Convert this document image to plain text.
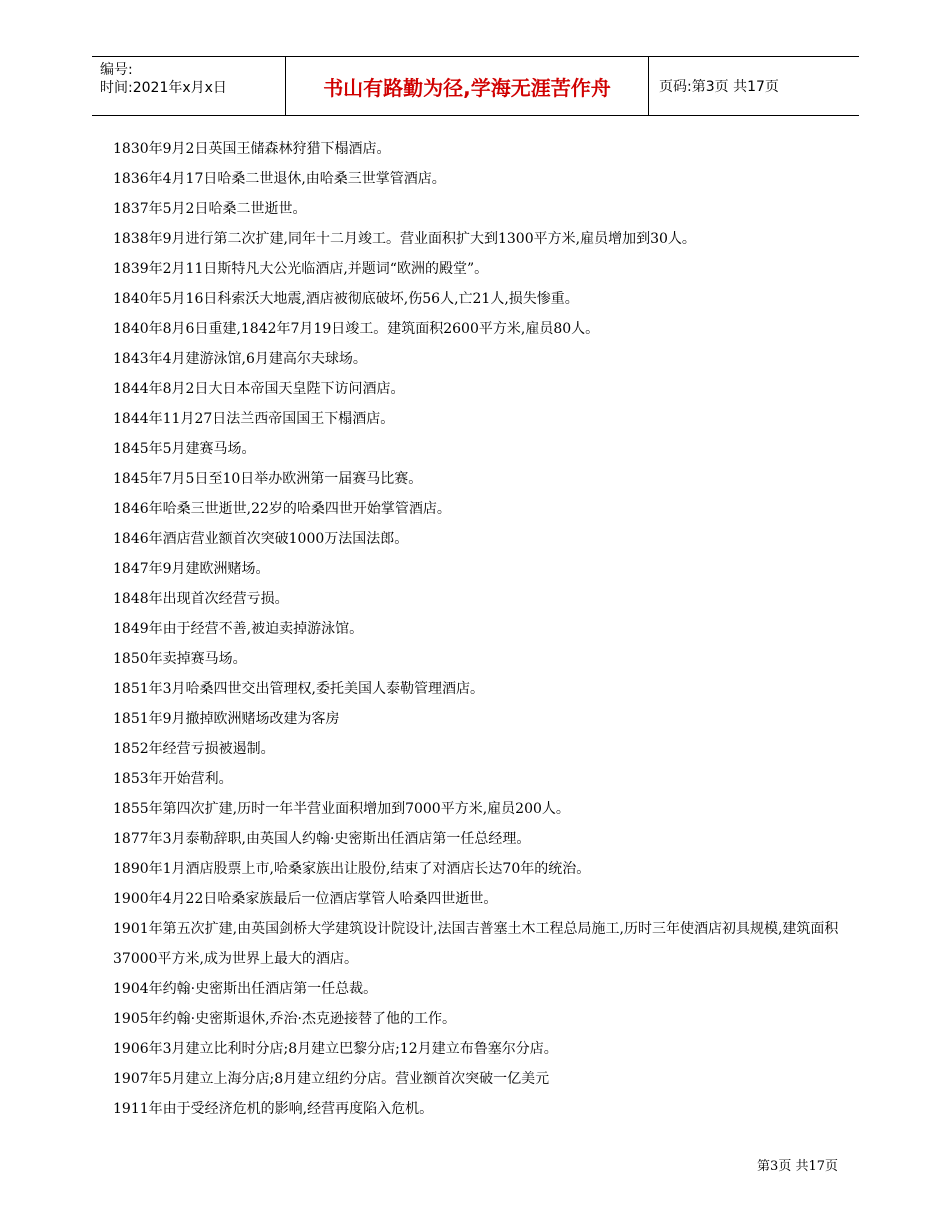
编号:
时间:2021年x月x日	书山有路勤为径,学海无涯苦作舟	页码:第3页 共17页
1830年9月2日英国王储森林狩猎下榻酒店。
1836年4月17日哈桑二世退休,由哈桑三世掌管酒店。
1837年5月2日哈桑二世逝世。
1838年9月进行第二次扩建,同年十二月竣工。营业面积扩大到1300平方米,雇员增加到30人。
1839年2月11日斯特凡大公光临酒店,并题词“欧洲的殿堂”。
1840年5月16日科索沃大地震,酒店被彻底破坏,伤56人,亡21人,损失惨重。
1840年8月6日重建,1842年7月19日竣工。建筑面积2600平方米,雇员80人。
1843年4月建游泳馆,6月建高尔夫球场。
1844年8月2日大日本帝国天皇陛下访问酒店。
1844年11月27日法兰西帝国国王下榻酒店。
1845年5月建赛马场。
1845年7月5日至10日举办欧洲第一届赛马比赛。
1846年哈桑三世逝世,22岁的哈桑四世开始掌管酒店。
1846年酒店营业额首次突破1000万法国法郎。
1847年9月建欧洲赌场。
1848年出现首次经营亏损。
1849年由于经营不善,被迫卖掉游泳馆。
1850年卖掉赛马场。
1851年3月哈桑四世交出管理权,委托美国人泰勒管理酒店。
1851年9月撤掉欧洲赌场改建为客房
1852年经营亏损被遏制。
1853年开始营利。
1855年第四次扩建,历时一年半营业面积增加到7000平方米,雇员200人。
1877年3月泰勒辞职,由英国人约翰·史密斯出任酒店第一任总经理。
1890年1月酒店股票上市,哈桑家族出让股份,结束了对酒店长达70年的统治。
1900年4月22日哈桑家族最后一位酒店掌管人哈桑四世逝世。
1901年第五次扩建,由英国剑桥大学建筑设计院设计,法国吉普塞土木工程总局施工,历时三年使酒店初具规模,建筑面积37000平方米,成为世界上最大的酒店。
1904年约翰·史密斯出任酒店第一任总裁。
1905年约翰·史密斯退休,乔治·杰克逊接替了他的工作。
1906年3月建立比利时分店;8月建立巴黎分店;12月建立布鲁塞尔分店。
1907年5月建立上海分店;8月建立纽约分店。营业额首次突破一亿美元
1911年由于受经济危机的影响,经营再度陷入危机。
第3页 共17页
